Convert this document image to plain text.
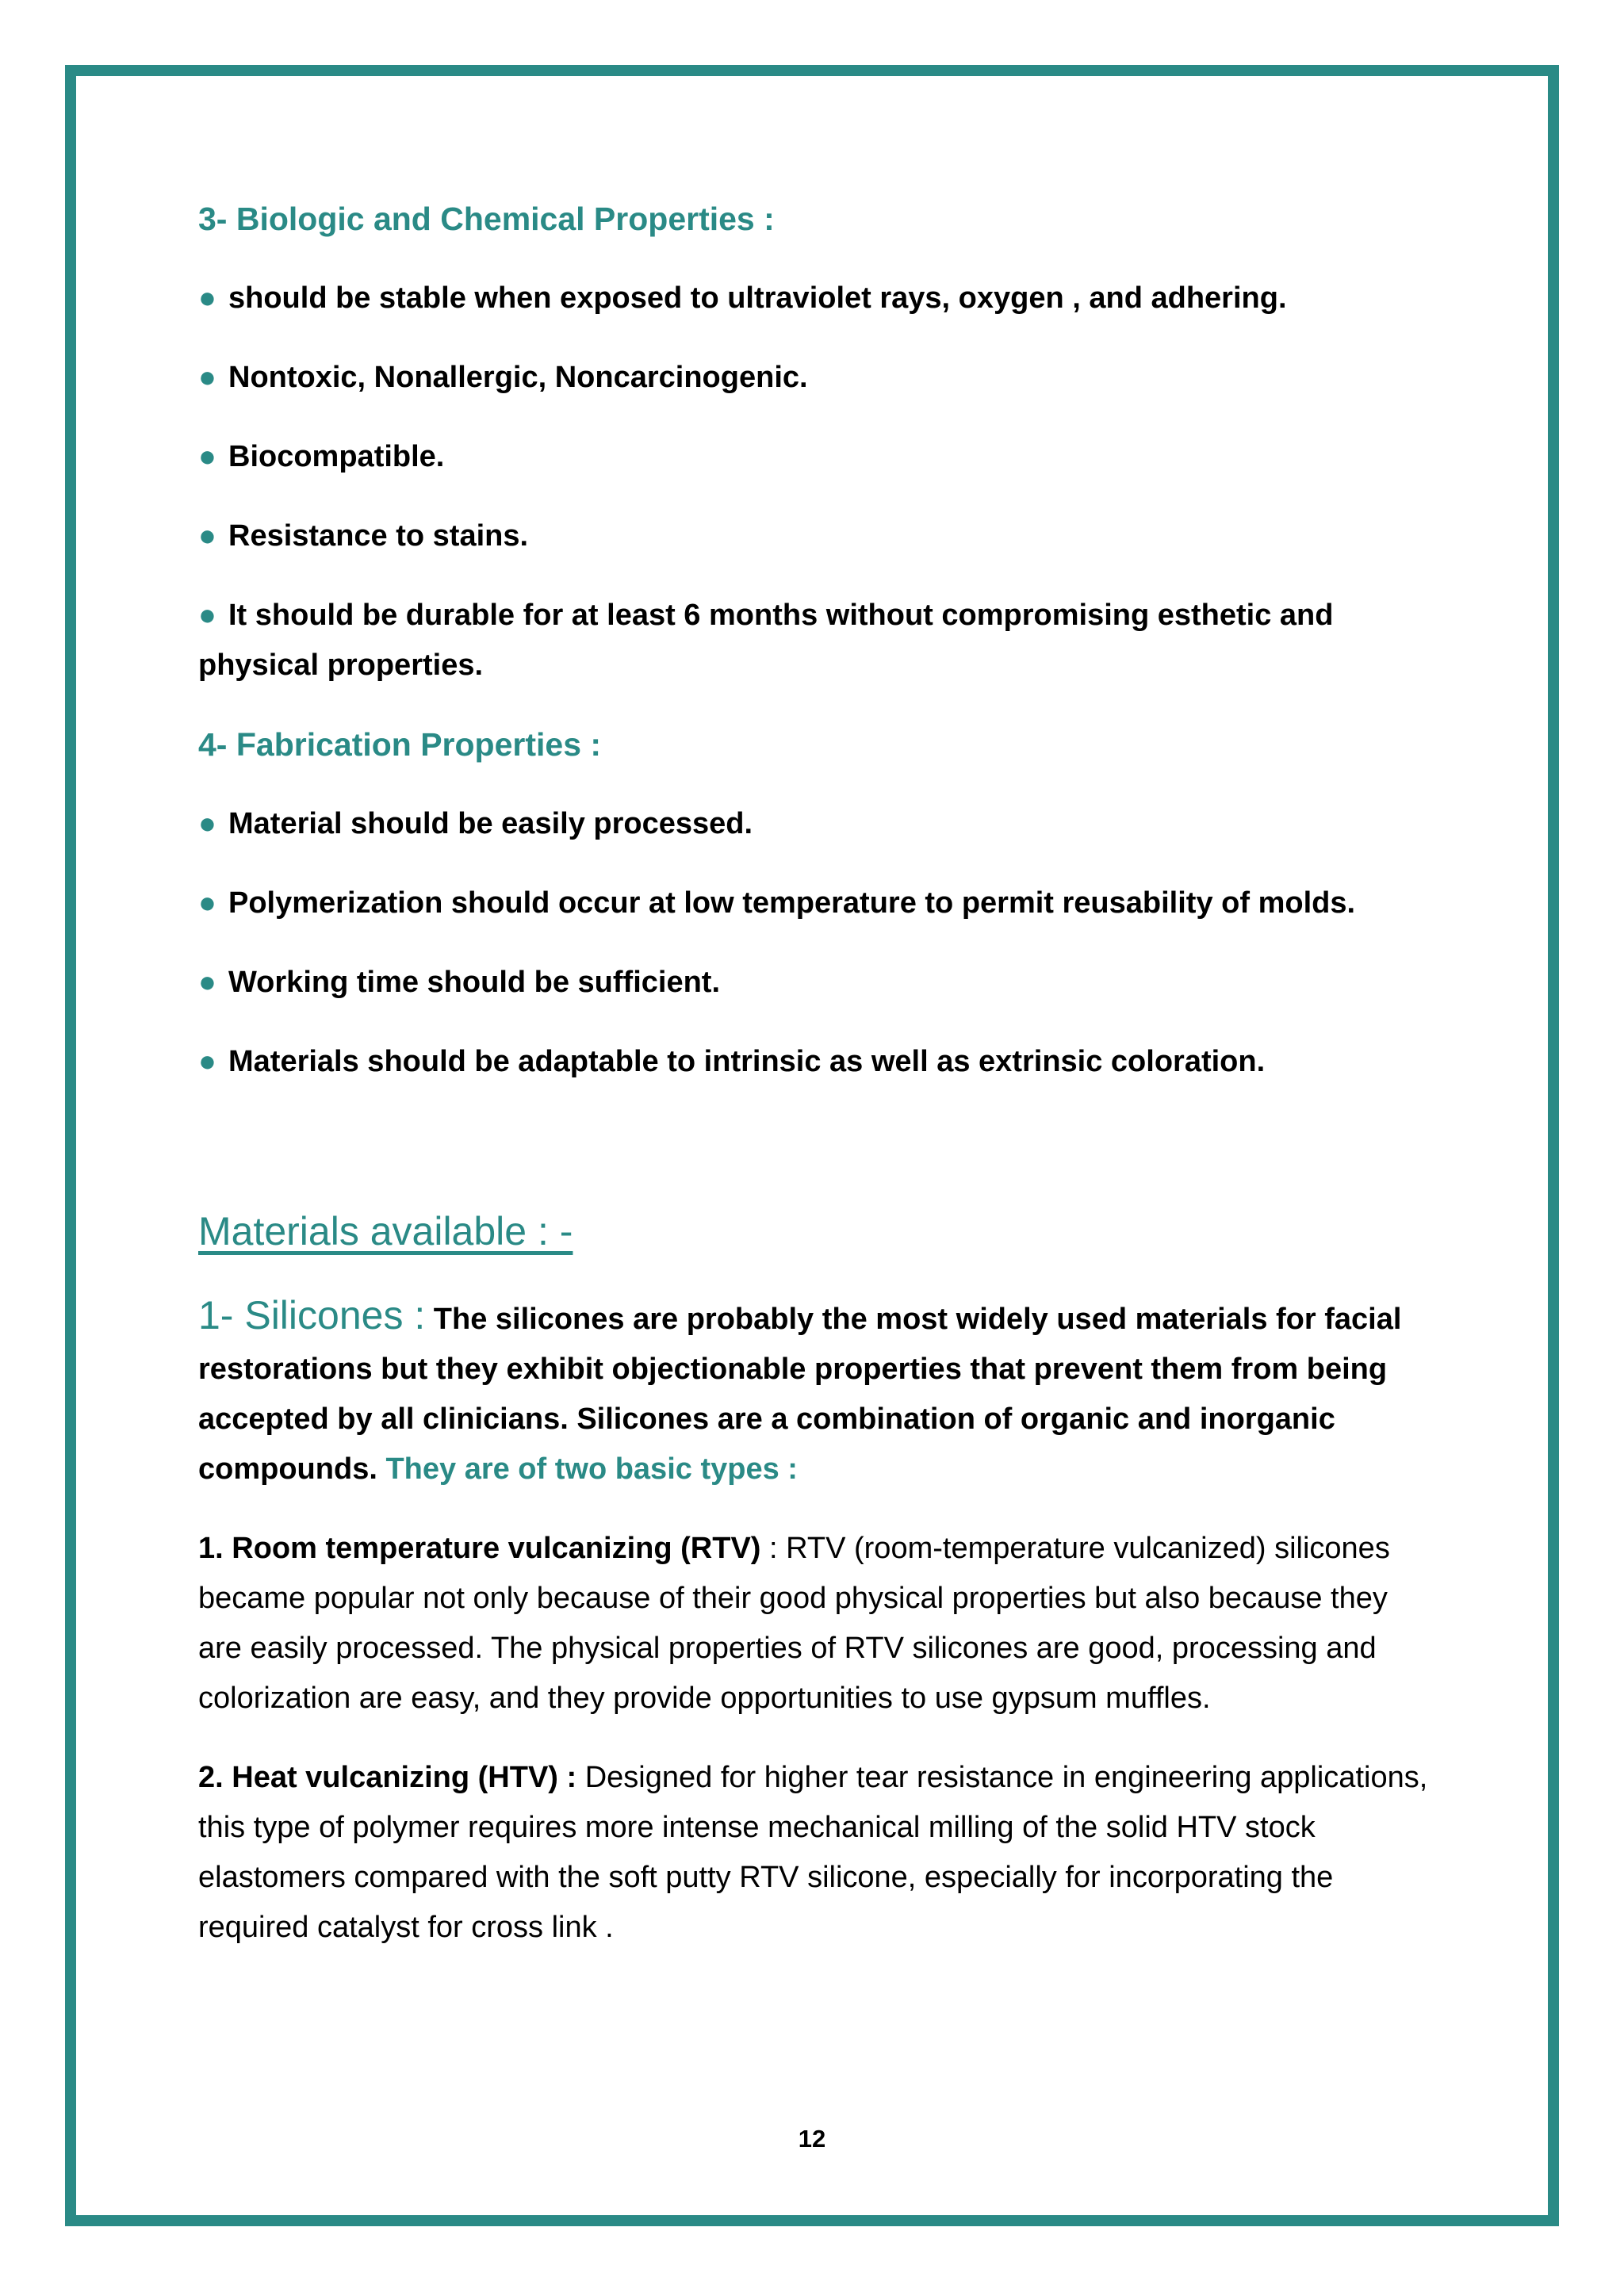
3- Biologic and Chemical Properties :
● should be stable when exposed to ultraviolet rays, oxygen , and adhering.
● Nontoxic, Nonallergic, Noncarcinogenic.
● Biocompatible.
● Resistance to stains.
● It should be durable for at least 6 months without compromising esthetic and physical properties.
4- Fabrication Properties :
● Material should be easily processed.
● Polymerization should occur at low temperature to permit reusability of molds.
● Working time should be sufficient.
● Materials should be adaptable to intrinsic as well as extrinsic coloration.
Materials available : -
1- Silicones : The silicones are probably the most widely used materials for facial restorations but they exhibit objectionable properties that prevent them from being accepted by all clinicians. Silicones are a combination of organic and inorganic compounds. They are of two basic types :
1. Room temperature vulcanizing (RTV) : RTV (room-temperature vulcanized) silicones became popular not only because of their good physical properties but also because they are easily processed. The physical properties of RTV silicones are good, processing and colorization are easy, and they provide opportunities to use gypsum muffles.
2. Heat vulcanizing (HTV) : Designed for higher tear resistance in engineering applications, this type of polymer requires more intense mechanical milling of the solid HTV stock elastomers compared with the soft putty RTV silicone, especially for incorporating the required catalyst for cross link .
12
